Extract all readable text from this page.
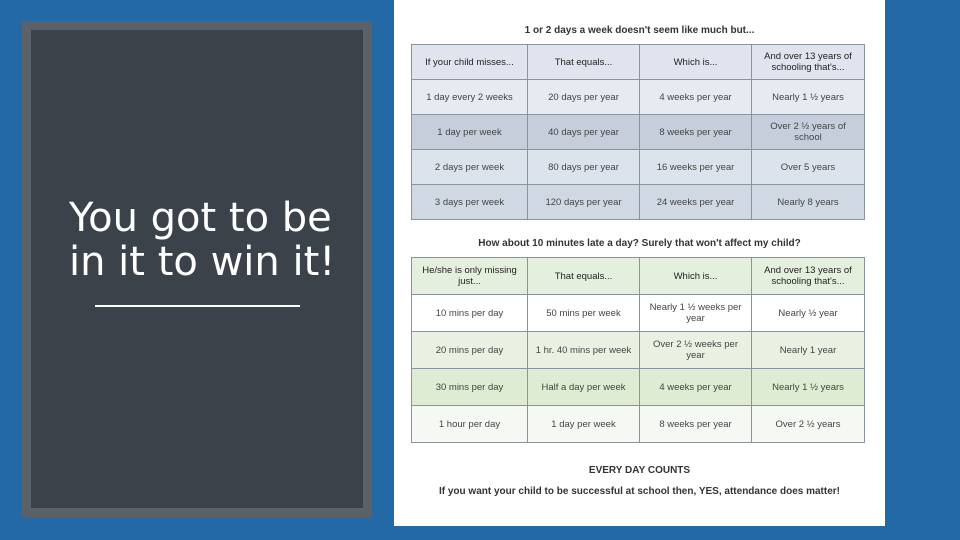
You got to be
in it to win it!
1 or 2 days a week doesn't seem like much but...
If your child misses...	That equals...	Which is...	And over 13 years of schooling that's...
1 day every 2 weeks	20 days per year	4 weeks per year	Nearly 1 ½ years
1 day per week	40 days per year	8 weeks per year	Over 2 ½ years of school
2 days per week	80 days per year	16 weeks per year	Over 5 years
3 days per week	120 days per year	24 weeks per year	Nearly 8 years
How about 10 minutes late a day? Surely that won't affect my child?
He/she is only missing just...	That equals...	Which is...	And over 13 years of schooling that's...
10 mins per day	50 mins per week	Nearly 1 ½ weeks per year	Nearly ½ year
20 mins per day	1 hr. 40 mins per week	Over 2 ½ weeks per year	Nearly 1 year
30 mins per day	Half a day per week	4 weeks per year	Nearly 1 ½ years
1 hour per day	1 day per week	8 weeks per year	Over 2 ½ years
EVERY DAY COUNTS
If you want your child to be successful at school then, YES, attendance does matter!
